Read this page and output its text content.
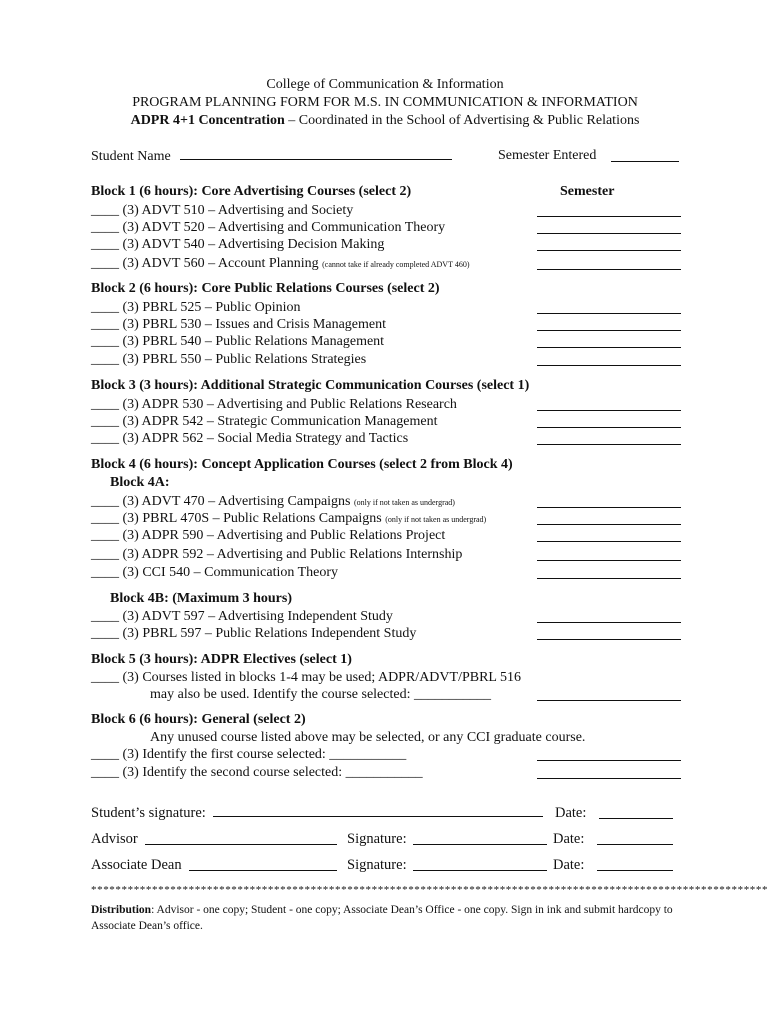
College of Communication & Information
PROGRAM PLANNING FORM FOR M.S. IN COMMUNICATION & INFORMATION
ADPR 4+1 Concentration – Coordinated in the School of Advertising & Public Relations
Student Name	Semester Entered
Block 1 (6 hours): Core Advertising Courses (select 2)	Semester
____ (3) ADVT 510 – Advertising and Society
____ (3) ADVT 520 – Advertising and Communication Theory
____ (3) ADVT 540 – Advertising Decision Making
____ (3) ADVT 560 – Account Planning (cannot take if already completed ADVT 460)
Block 2 (6 hours): Core Public Relations Courses (select 2)
____ (3) PBRL 525 – Public Opinion
____ (3) PBRL 530 – Issues and Crisis Management
____ (3) PBRL 540 – Public Relations Management
____ (3) PBRL 550 – Public Relations Strategies
Block 3 (3 hours): Additional Strategic Communication Courses (select 1)
____ (3) ADPR 530 – Advertising and Public Relations Research
____ (3) ADPR 542 – Strategic Communication Management
____ (3) ADPR 562 – Social Media Strategy and Tactics
Block 4 (6 hours): Concept Application Courses (select 2 from Block 4)
Block 4A:
____ (3) ADVT 470 – Advertising Campaigns (only if not taken as undergrad)
____ (3) PBRL 470S – Public Relations Campaigns (only if not taken as undergrad)
____ (3) ADPR 590 – Advertising and Public Relations Project
____ (3) ADPR 592 – Advertising and Public Relations Internship
____ (3) CCI 540 – Communication Theory
Block 4B: (Maximum 3 hours)
____ (3) ADVT 597 – Advertising Independent Study
____ (3) PBRL 597 – Public Relations Independent Study
Block 5 (3 hours): ADPR Electives (select 1)
____ (3) Courses listed in blocks 1-4 may be used; ADPR/ADVT/PBRL 516
may also be used. Identify the course selected: ___________
Block 6 (6 hours): General (select 2)
Any unused course listed above may be selected, or any CCI graduate course.
____ (3) Identify the first course selected: ___________
____ (3) Identify the second course selected: ___________
Student’s signature:	Date:
Advisor	Signature:	Date:
Associate Dean	Signature:	Date:
***************************************************************************************************************
Distribution: Advisor - one copy; Student - one copy; Associate Dean’s Office - one copy. Sign in ink and submit hardcopy to Associate Dean’s office.
